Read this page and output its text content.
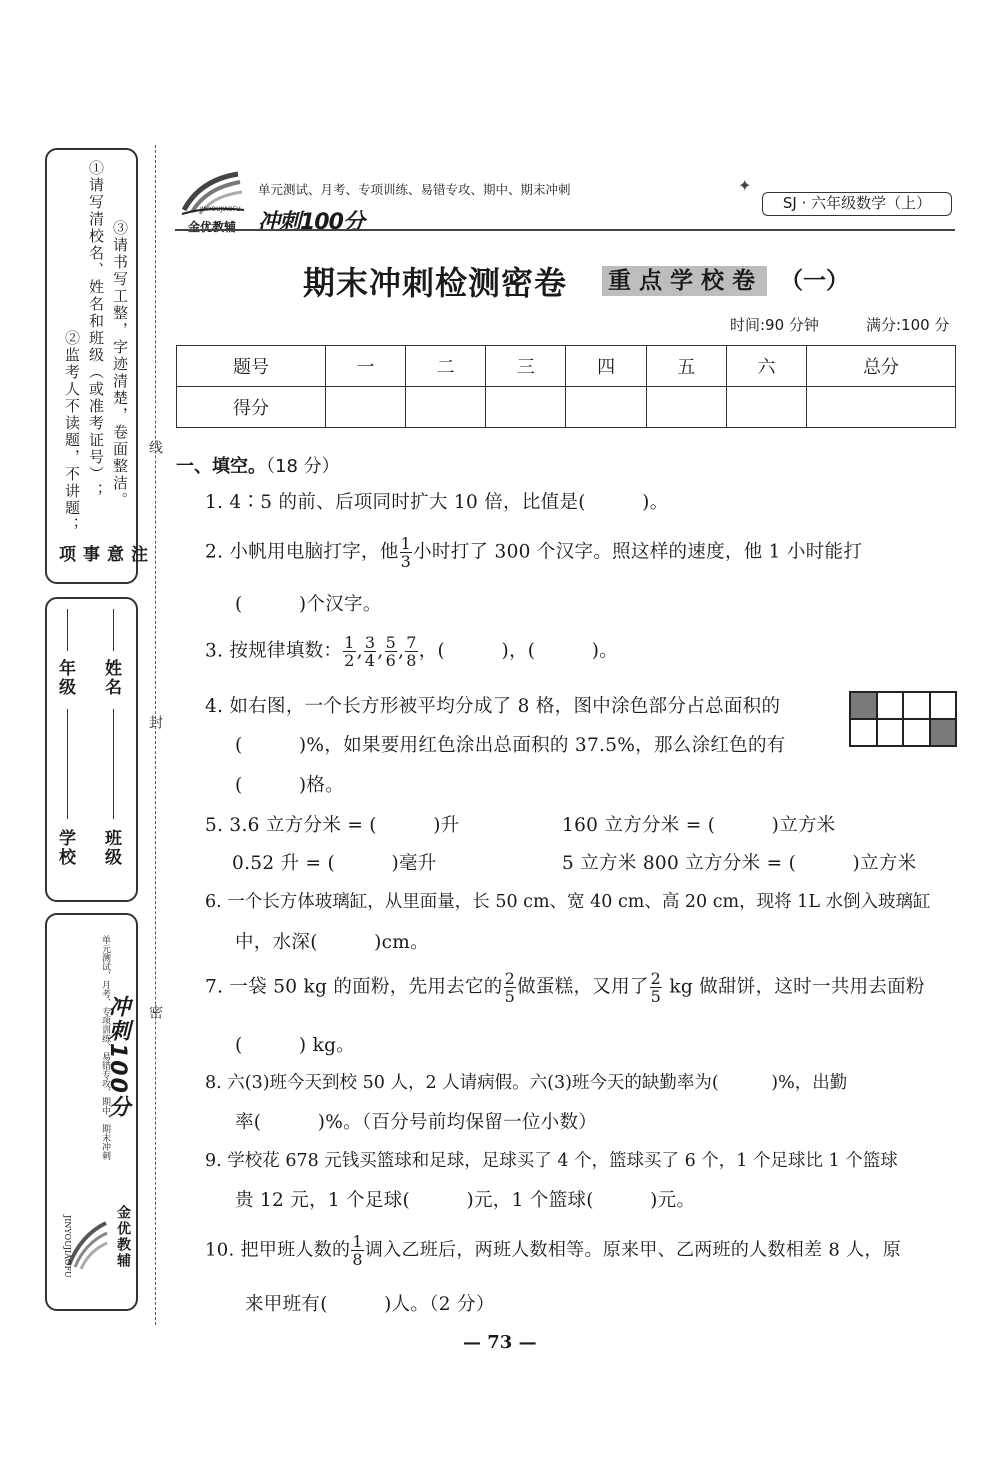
注意事项
①请写清校名、姓名和班级（或准考证号）；
②监考人不读题，不讲题； ③请书写工整，字迹清楚，卷面整洁。
学校
年级
班级
姓名
单元测试、月考、专项训练、易错专攻、期中、期末冲刺
冲刺100分
JINYOUJIAOFU	金优教辅
线
封
密
金优教辅
JINYOUJIAOFU
单元测试、月考、专项训练、易错专攻、期中、期末冲刺
冲刺100分
✦
SJ · 六年级数学（上）
期末冲刺检测密卷 重点学校卷 （一）
时间:90 分钟	满分:100 分
题号	一	二	三	四	五	六	总分
得分							
一、填空。（18 分）
1. 4∶5 的前、后项同时扩大 10 倍，比值是(　　　)。
2. 小帆用电脑打字，他 $\frac{1}{3}$ 小时打了 300 个汉字。照这样的速度，他 1 小时能打
(　　　)个汉字。
3. 按规律填数： $\frac{1}{2}$ , $\frac{3}{4}$ , $\frac{5}{6}$ , $\frac{7}{8}$ ，(　　　)，(　　　)。
4. 如右图，一个长方形被平均分成了 8 格，图中涂色部分占总面积的
(　　　)%，如果要用红色涂出总面积的 37.5%，那么涂红色的有
(　　　)格。
5. 3.6 立方分米 = (　　　)升	160 立方分米 = (　　　)立方米
0.52 升 = (　　　)毫升	5 立方米 800 立方分米 = (　　　)立方米
6. 一个长方体玻璃缸，从里面量，长 50 cm、宽 40 cm、高 20 cm，现将 1L 水倒入玻璃缸
中，水深(　　　)cm。
7. 一袋 50 kg 的面粉，先用去它的 $\frac{2}{5}$ 做蛋糕，又用了 $\frac{2}{5}$ kg 做甜饼，这时一共用去面粉
(　　　) kg。
8. 六(3)班今天到校 50 人，2 人请病假。六(3)班今天的缺勤率为(　　　)%，出勤
率(　　　)%。（百分号前均保留一位小数）
9. 学校花 678 元钱买篮球和足球，足球买了 4 个，篮球买了 6 个，1 个足球比 1 个篮球
贵 12 元，1 个足球(　　　)元，1 个篮球(　　　)元。
10. 把甲班人数的 $\frac{1}{8}$ 调入乙班后，两班人数相等。原来甲、乙两班的人数相差 8 人，原
来甲班有(　　　)人。（2 分）
— 73 —
